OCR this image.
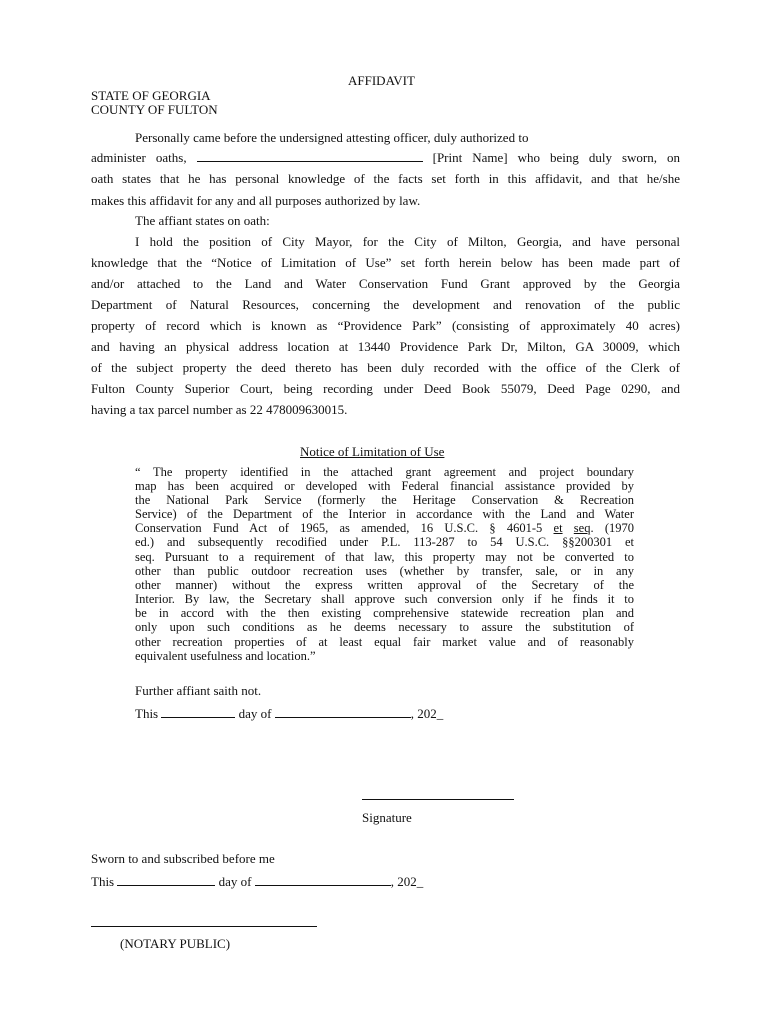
AFFIDAVIT
STATE OF GEORGIA
COUNTY OF FULTON
Personally came before the undersigned attesting officer, duly authorized to
administer oaths,	[Print Name] who being duly sworn, on
oath states that he has personal knowledge of the facts set forth in this affidavit, and that he/she
makes this affidavit for any and all purposes authorized by law.
The affiant states on oath:
I hold the position of City Mayor, for the City of Milton, Georgia, and have personal
knowledge that the “Notice of Limitation of Use” set forth herein below has been made part of
and/or attached to the Land and Water Conservation Fund Grant approved by the Georgia
Department of Natural Resources, concerning the development and renovation of the public
property of record which is known as “Providence Park” (consisting of approximately 40 acres)
and having an physical address location at 13440 Providence Park Dr, Milton, GA 30009, which
of the subject property the deed thereto has been duly recorded with the office of the Clerk of
Fulton County Superior Court, being recording under Deed Book 55079, Deed Page 0290, and
having a tax parcel number as 22 478009630015.
Notice of Limitation of Use
“ The property identified in the attached grant agreement and project boundary
map has been acquired or developed with Federal financial assistance provided by
the National Park Service (formerly the Heritage Conservation & Recreation
Service) of the Department of the Interior in accordance with the Land and Water
Conservation Fund Act of 1965, as amended, 16 U.S.C. § 4601-5 et seq. (1970
ed.) and subsequently recodified under P.L. 113-287 to 54 U.S.C. §§200301 et
seq. Pursuant to a requirement of that law, this property may not be converted to
other than public outdoor recreation uses (whether by transfer, sale, or in any
other manner) without the express written approval of the Secretary of the
Interior. By law, the Secretary shall approve such conversion only if he finds it to
be in accord with the then existing comprehensive statewide recreation plan and
only upon such conditions as he deems necessary to assure the substitution of
other recreation properties of at least equal fair market value and of reasonably
equivalent usefulness and location.”
Further affiant saith not.
This	day of	, 202_
Signature
Sworn to and subscribed before me
This	day of	, 202_
(NOTARY PUBLIC)
